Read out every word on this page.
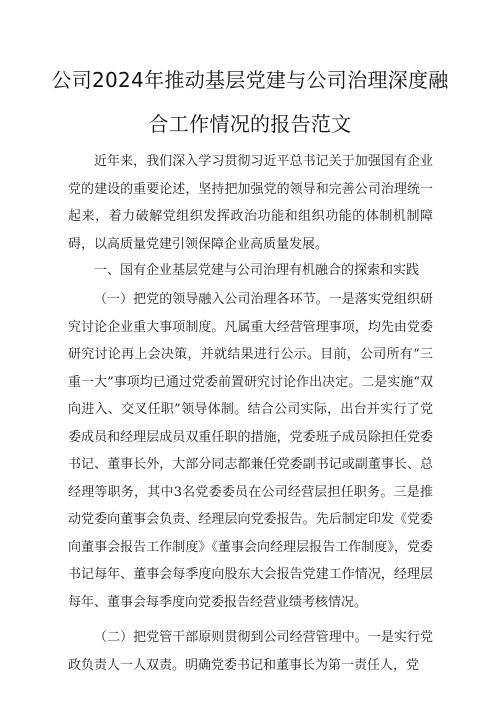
公司2024年推动基层党建与公司治理深度融
合工作情况的报告范文

近年来，我们深入学习贯彻习近平总书记关于加强国有企业党的建设的重要论述，坚持把加强党的领导和完善公司治理统一起来，着力破解党组织发挥政治功能和组织功能的体制机制障碍，以高质量党建引领保障企业高质量发展。

一、国有企业基层党建与公司治理有机融合的探索和实践

（一）把党的领导融入公司治理各环节。一是落实党组织研究讨论企业重大事项制度。凡属重大经营管理事项，均先由党委研究讨论再上会决策，并就结果进行公示。目前，公司所有“三重一大”事项均已通过党委前置研究讨论作出决定。二是实施“双向进入、交叉任职”领导体制。结合公司实际，出台并实行了党委成员和经理层成员双重任职的措施，党委班子成员除担任党委书记、董事长外，大部分同志都兼任党委副书记或副董事长、总经理等职务，其中3名党委委员在公司经营层担任职务。三是推动党委向董事会负责、经理层向党委报告。先后制定印发《党委向董事会报告工作制度》《董事会向经理层报告工作制度》，党委书记每年、董事会每季度向股东大会报告党建工作情况，经理层每年、董事会每季度向党委报告经营业绩考核情况。

（二）把党管干部原则贯彻到公司经营管理中。一是实行党政负责人一人双责。明确党委书记和董事长为第一责任人，党
